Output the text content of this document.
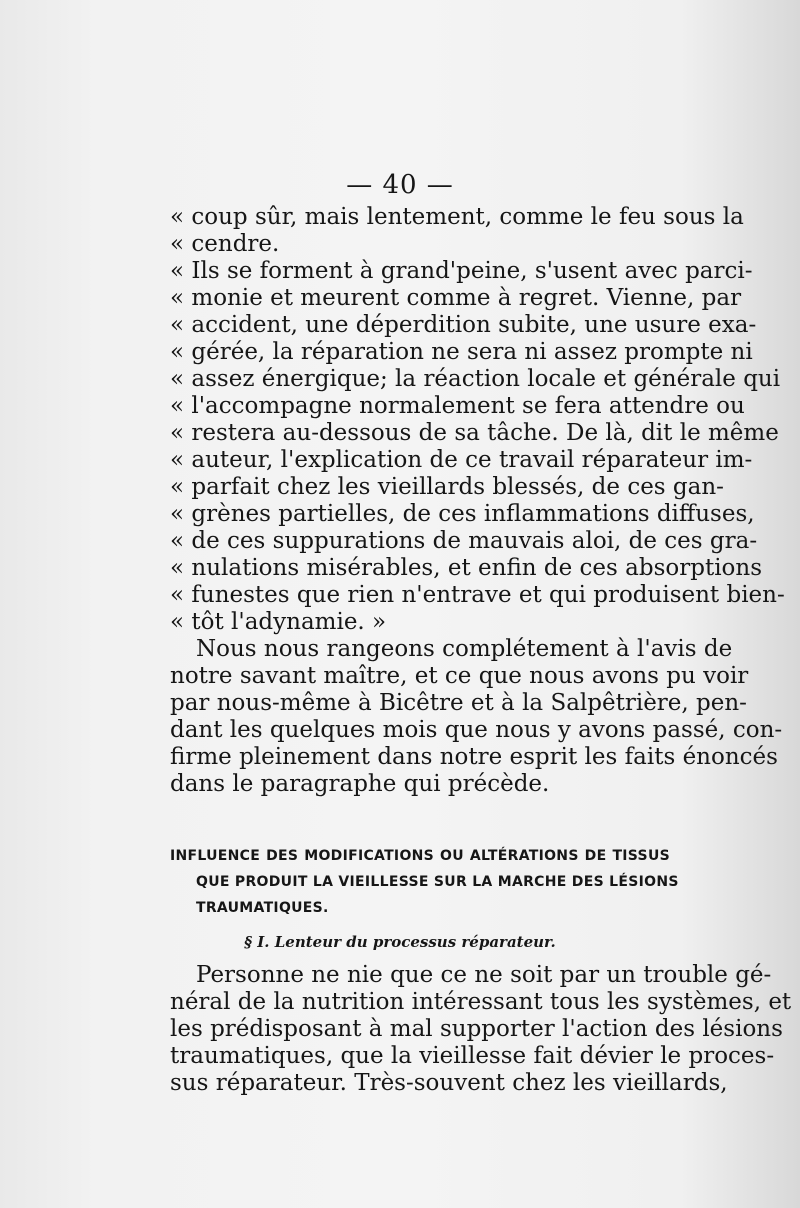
— 40 —
« coup sûr, mais lentement, comme le feu sous la
« cendre.
« Ils se forment à grand'peine, s'usent avec parci-
« monie et meurent comme à regret. Vienne, par
« accident, une déperdition subite, une usure exa-
« gérée, la réparation ne sera ni assez prompte ni
« assez énergique; la réaction locale et générale qui
« l'accompagne normalement se fera attendre ou
« restera au-dessous de sa tâche. De là, dit le même
« auteur, l'explication de ce travail réparateur im-
« parfait chez les vieillards blessés, de ces gan-
« grènes partielles, de ces inflammations diffuses,
« de ces suppurations de mauvais aloi, de ces gra-
« nulations misérables, et enfin de ces absorptions
« funestes que rien n'entrave et qui produisent bien-
« tôt l'adynamie. »
Nous nous rangeons complétement à l'avis de
notre savant maître, et ce que nous avons pu voir
par nous-même à Bicêtre et à la Salpêtrière, pen-
dant les quelques mois que nous y avons passé, con-
firme pleinement dans notre esprit les faits énoncés
dans le paragraphe qui précède.
INFLUENCE DES MODIFICATIONS OU ALTÉRATIONS DE TISSUS
QUE PRODUIT LA VIEILLESSE SUR LA MARCHE DES LÉSIONS
TRAUMATIQUES.
§ I. Lenteur du processus réparateur.
Personne ne nie que ce ne soit par un trouble gé-
néral de la nutrition intéressant tous les systèmes, et
les prédisposant à mal supporter l'action des lésions
traumatiques, que la vieillesse fait dévier le proces-
sus réparateur. Très-souvent chez les vieillards,
